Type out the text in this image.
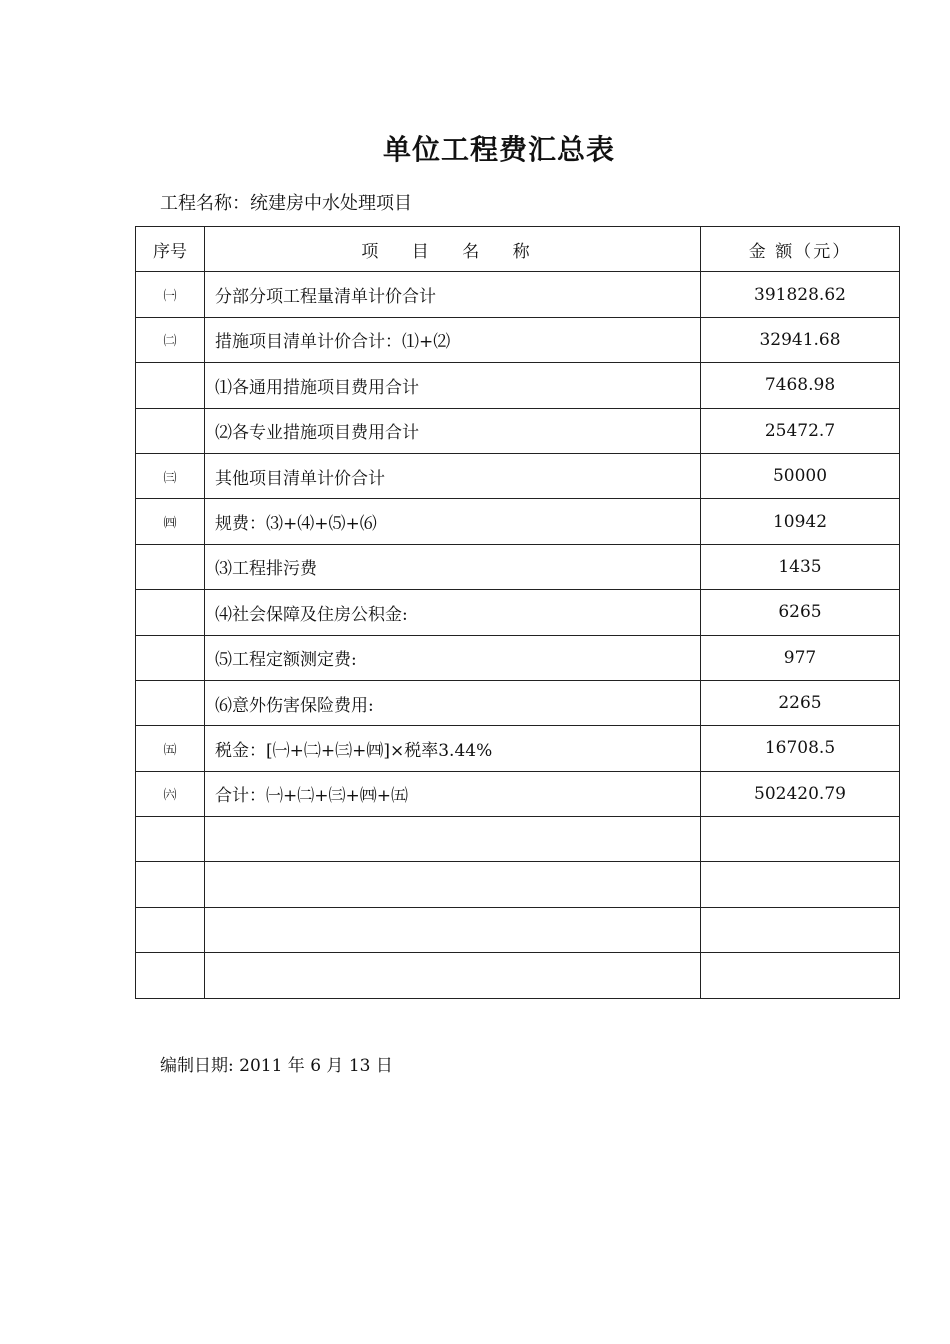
单位工程费汇总表
工程名称：统建房中水处理项目
序号	项 目 名 称	金 额（元）
㈠	分部分项工程量清单计价合计	391828.62
㈡	措施项目清单计价合计：⑴+⑵	32941.68
	⑴各通用措施项目费用合计	7468.98
	⑵各专业措施项目费用合计	25472.7
㈢	其他项目清单计价合计	50000
㈣	规费：⑶+⑷+⑸+⑹	10942
	⑶工程排污费	1435
	⑷社会保障及住房公积金:	6265
	⑸工程定额测定费:	977
	⑹意外伤害保险费用:	2265
㈤	税金：[㈠+㈡+㈢+㈣]×税率3.44%	16708.5
㈥	合计：㈠+㈡+㈢+㈣+㈤	502420.79

编制日期: 2011 年 6 月 13 日
